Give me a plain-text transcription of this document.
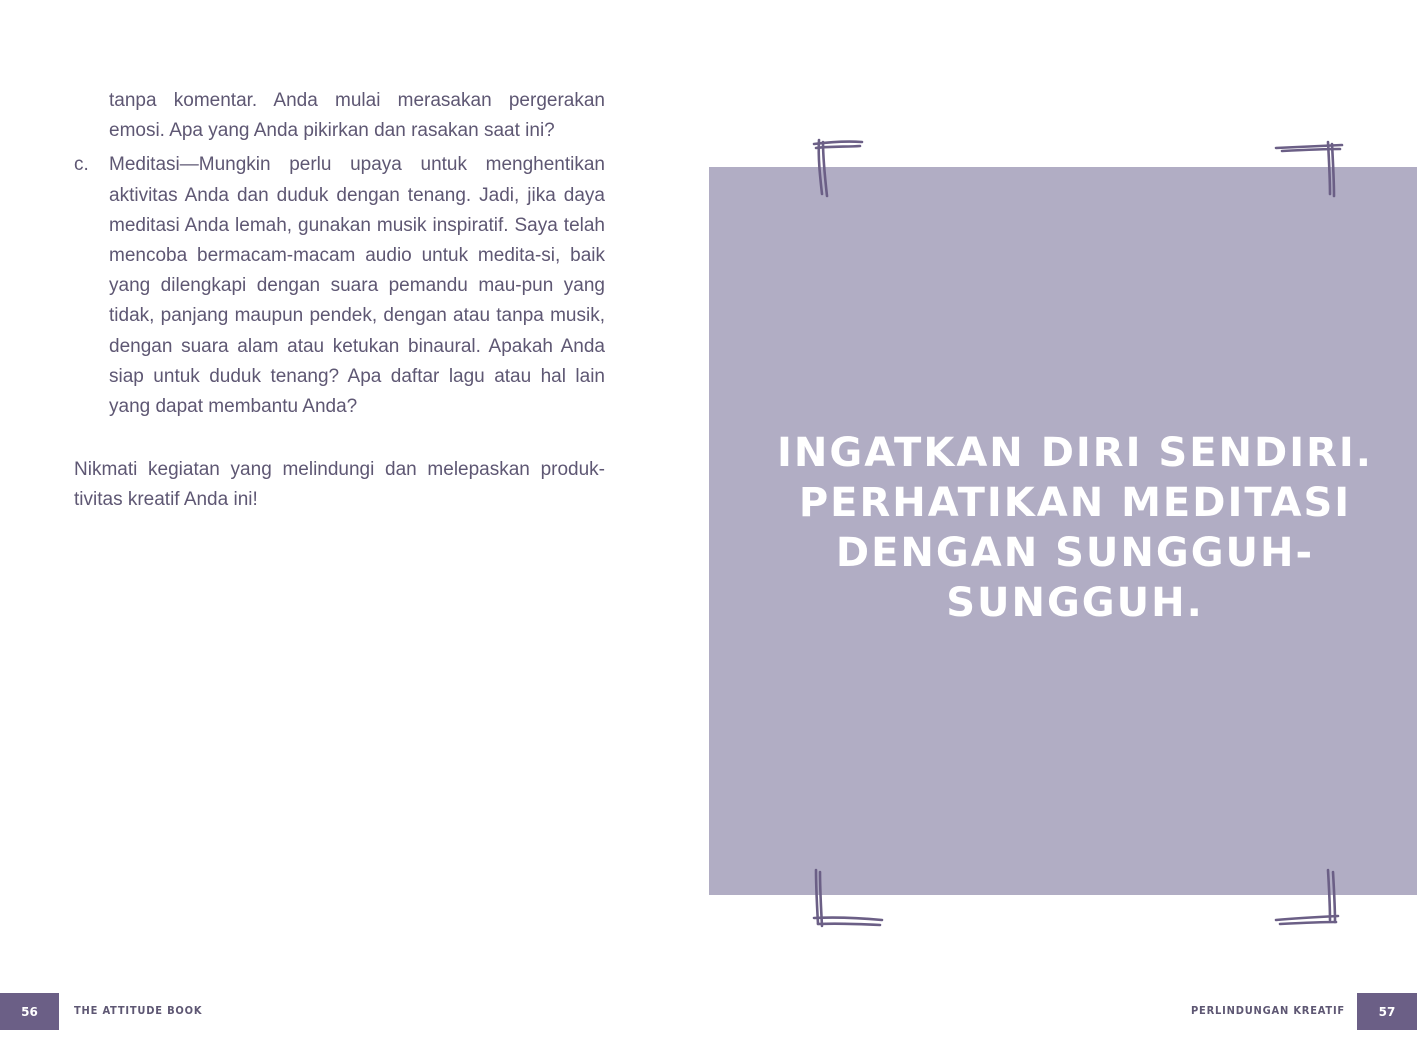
tanpa komentar. Anda mulai merasakan pergerakan emosi. Apa yang Anda pikirkan dan rasakan saat ini?

c. Meditasi—Mungkin perlu upaya untuk menghentikan aktivitas Anda dan duduk dengan tenang. Jadi, jika daya meditasi Anda lemah, gunakan musik inspiratif. Saya telah mencoba bermacam-macam audio untuk medita-si, baik yang dilengkapi dengan suara pemandu mau-pun yang tidak, panjang maupun pendek, dengan atau tanpa musik, dengan suara alam atau ketukan binaural. Apakah Anda siap untuk duduk tenang? Apa daftar lagu atau hal lain yang dapat membantu Anda?

Nikmati kegiatan yang melindungi dan melepaskan produk-tivitas kreatif Anda ini!

56	THE ATTITUDE BOOK
INGATKAN DIRI SENDIRI.
PERHATIKAN MEDITASI
DENGAN SUNGGUH-
SUNGGUH.
PERLINDUNGAN KREATIF	57
